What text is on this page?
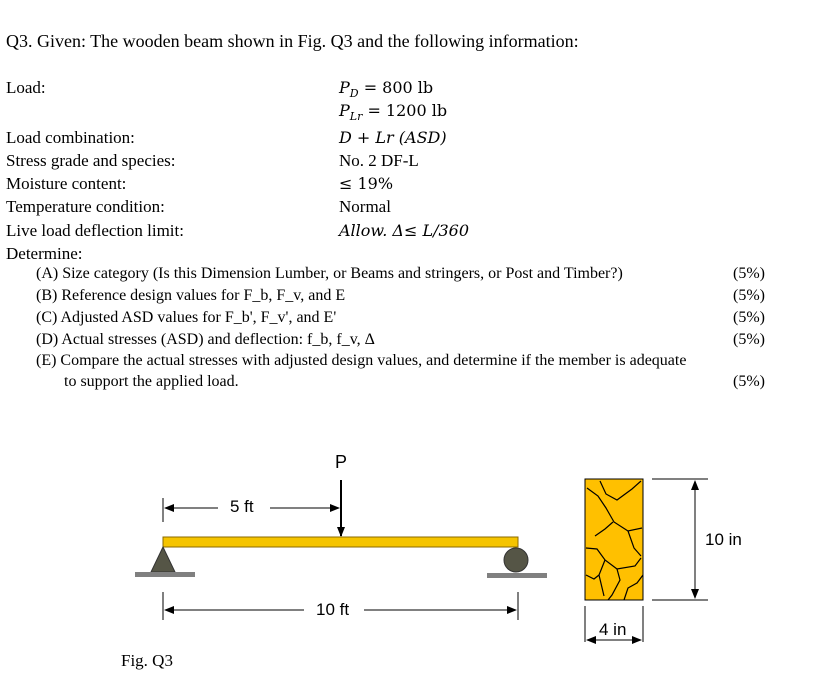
Q3. Given: The wooden beam shown in Fig. Q3 and the following information:
Load:	$P_D = 800$ lb
$P_{Lr} = 1200$ lb
Load combination:	D + Lr (ASD)
Stress grade and species:	No. 2 DF-L
Moisture content:	≤ 19%
Temperature condition:	Normal
Live load deflection limit:	Allow. Δ≤ L/360
Determine:
(A) Size category (Is this Dimension Lumber, or Beams and stringers, or Post and Timber?)	(5%)
(B) Reference design values for F_b, F_v, and E	(5%)
(C) Adjusted ASD values for F_b', F_v', and E'	(5%)
(D) Actual stresses (ASD) and deflection: f_b, f_v, Δ	(5%)
(E) Compare the actual stresses with adjusted design values, and determine if the member is adequate
to support the applied load.	(5%)
P
5 ft
10 ft
10 in
4 in
Fig. Q3
